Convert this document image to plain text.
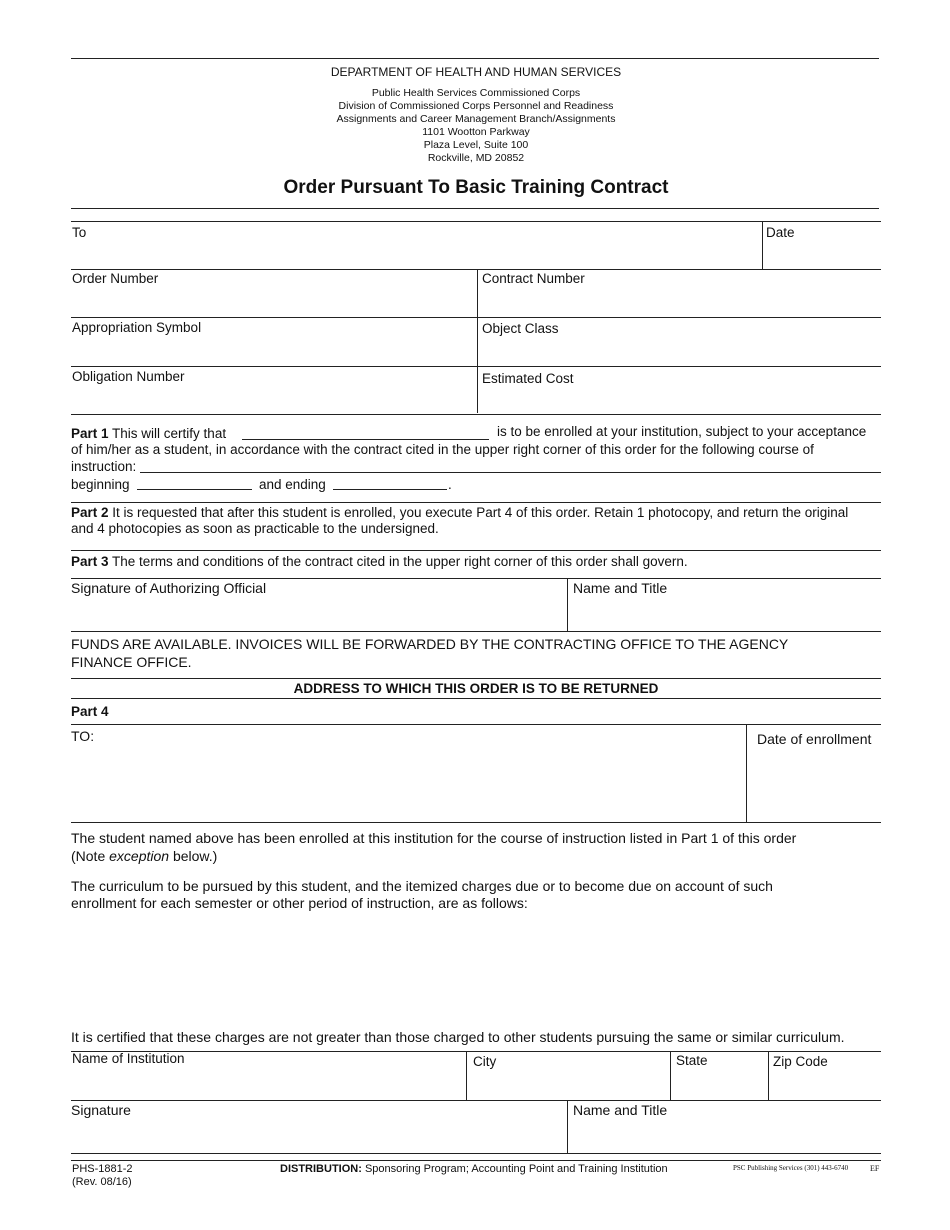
DEPARTMENT OF HEALTH AND HUMAN SERVICES
Public Health Services Commissioned Corps
Division of Commissioned Corps Personnel and Readiness
Assignments and Career Management Branch/Assignments
1101 Wootton Parkway
Plaza Level, Suite 100
Rockville, MD 20852
Order Pursuant To Basic Training Contract
To	Date
Order Number	Contract Number
Appropriation Symbol	Object Class
Obligation Number	Estimated Cost
Part 1 This will certify that	is to be enrolled at your institution, subject to your acceptance
of him/her as a student, in accordance with the contract cited in the upper right corner of this order for the following course of
instruction:
beginning	and ending	.
Part 2 It is requested that after this student is enrolled, you execute Part 4 of this order. Retain 1 photocopy, and return the original
and 4 photocopies as soon as practicable to the undersigned.
Part 3 The terms and conditions of the contract cited in the upper right corner of this order shall govern.
Signature of Authorizing Official	Name and Title
FUNDS ARE AVAILABLE. INVOICES WILL BE FORWARDED BY THE CONTRACTING OFFICE TO THE AGENCY
FINANCE OFFICE.
ADDRESS TO WHICH THIS ORDER IS TO BE RETURNED
Part 4
TO:	Date of enrollment
The student named above has been enrolled at this institution for the course of instruction listed in Part 1 of this order
(Note exception below.)
The curriculum to be pursued by this student, and the itemized charges due or to become due on account of such
enrollment for each semester or other period of instruction, are as follows:
It is certified that these charges are not greater than those charged to other students pursuing the same or similar curriculum.
Name of Institution	City	State	Zip Code
Signature	Name and Title
PHS-1881-2
(Rev. 08/16)
DISTRIBUTION: Sponsoring Program; Accounting Point and Training Institution	PSC Publishing Services (301) 443-6740	EF
